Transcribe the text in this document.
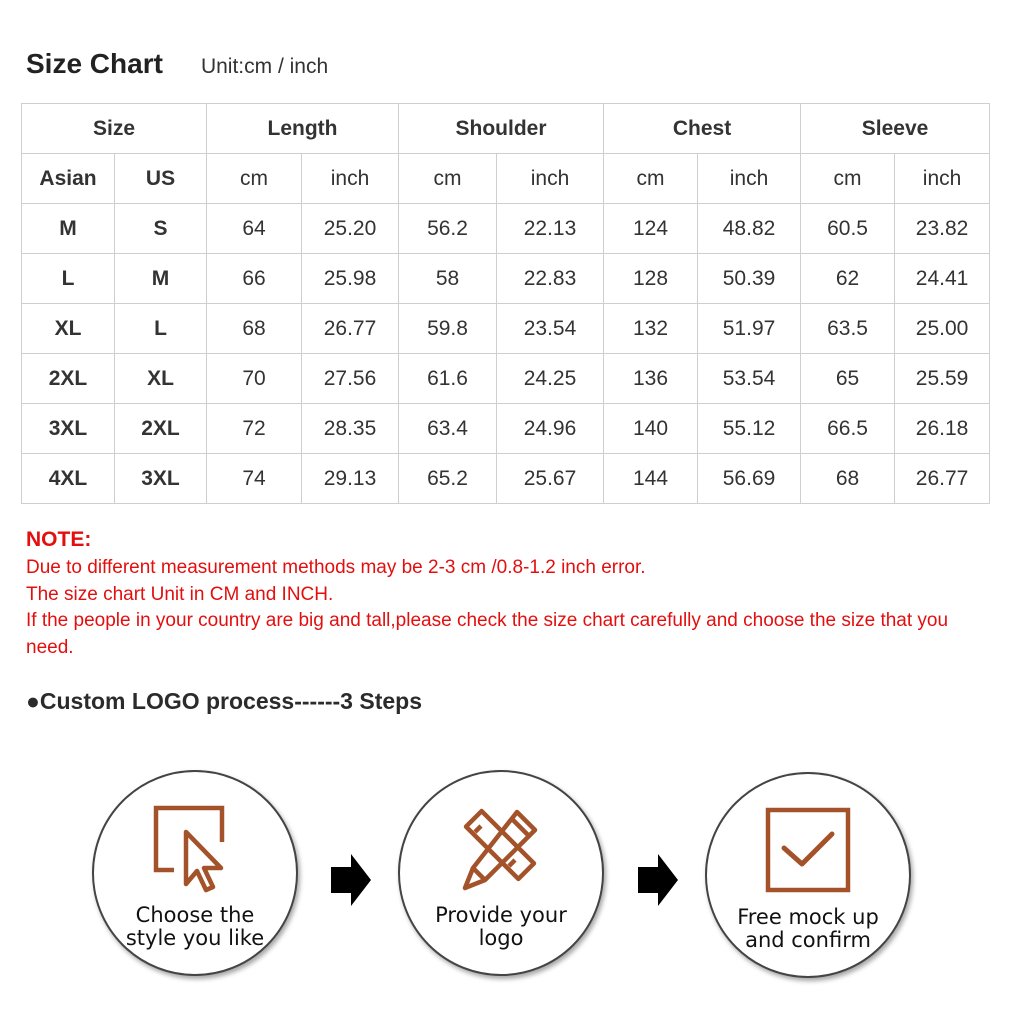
Size Chart Unit:cm / inch
Size		Length		Shoulder		Chest		Sleeve	
Asian	US	cm	inch	cm	inch	cm	inch	cm	inch
M	S	64	25.20	56.2	22.13	124	48.82	60.5	23.82
L	M	66	25.98	58	22.83	128	50.39	62	24.41
XL	L	68	26.77	59.8	23.54	132	51.97	63.5	25.00
2XL	XL	70	27.56	61.6	24.25	136	53.54	65	25.59
3XL	2XL	72	28.35	63.4	24.96	140	55.12	66.5	26.18
4XL	3XL	74	29.13	65.2	25.67	144	56.69	68	26.77
NOTE:
Due to different measurement methods may be 2-3 cm /0.8-1.2 inch error.
The size chart Unit in CM and INCH.
If the people in your country are big and tall,please check the size chart carefully and choose the size that you need.
●Custom LOGO process------3 Steps
Choose the
style you like
Provide your
logo
Free mock up
and confirm
